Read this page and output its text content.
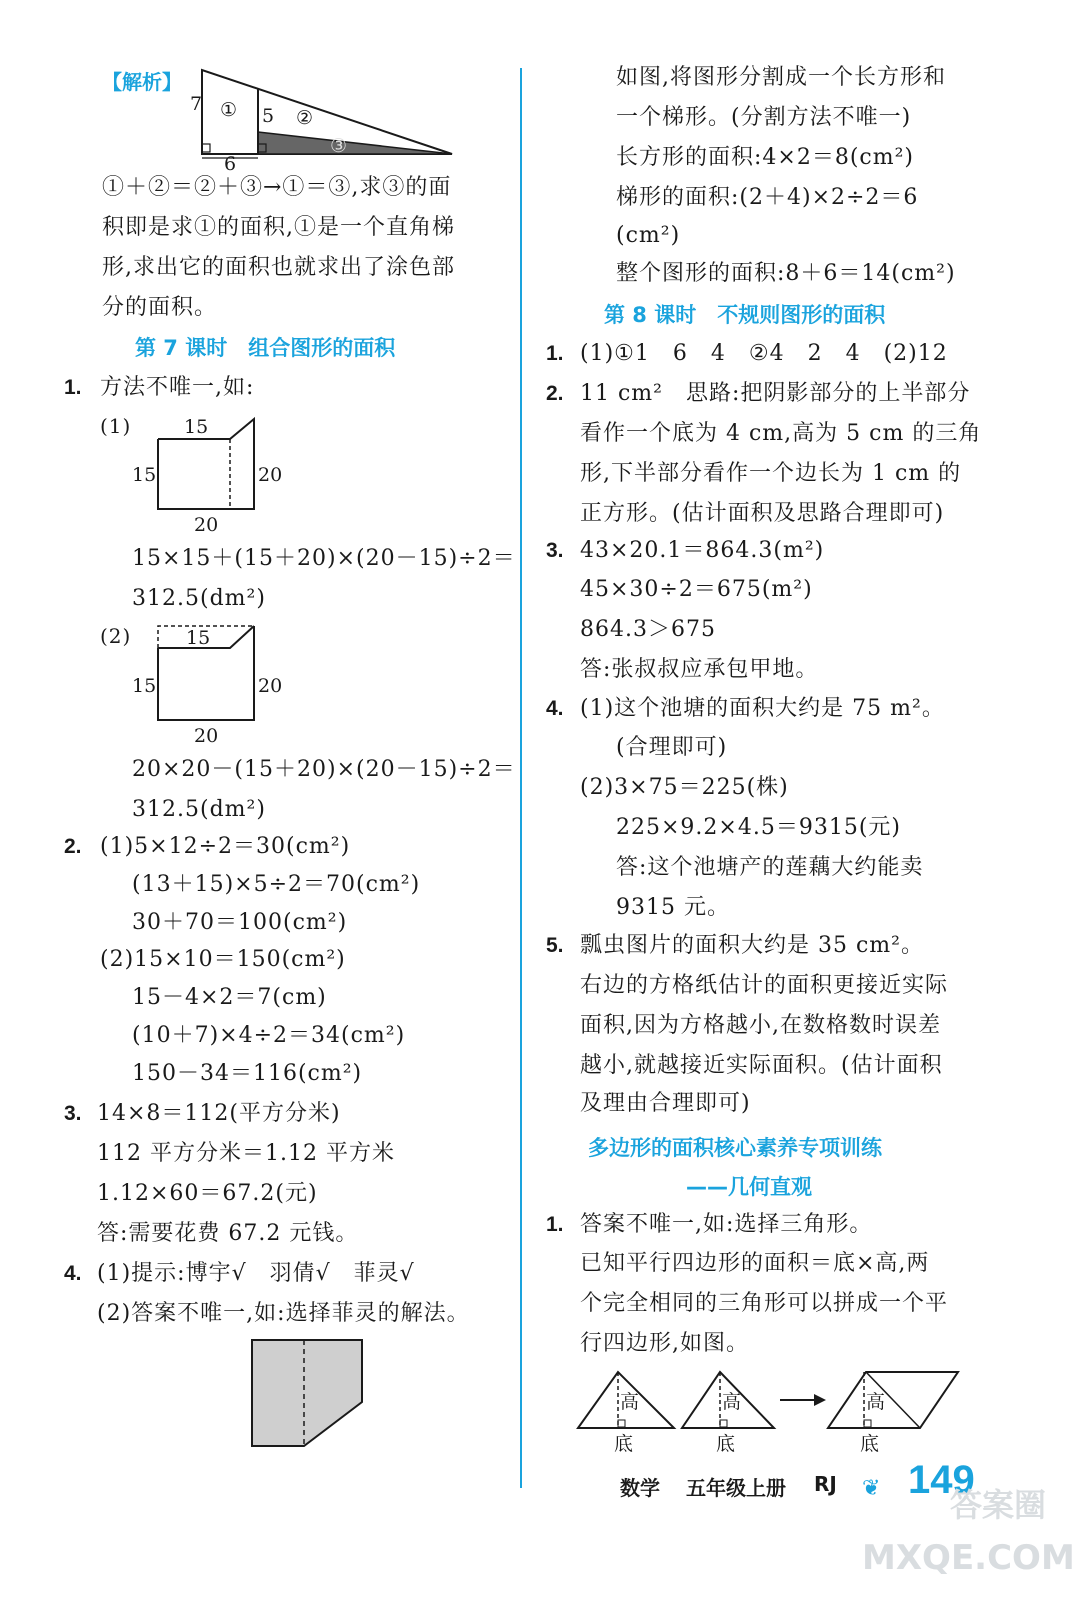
【解析】
7
5
6
①	②
③
①＋②＝②＋③→①＝③,求③的面
积即是求①的面积,①是一个直角梯
形,求出它的面积也就求出了涂色部
分的面积。
第 7 课时　组合图形的面积
1. 方法不唯一,如:
(1)	15
15	20
20
15×15＋(15＋20)×(20－15)÷2＝
312.5(dm²)
(2)	15
15	20
20
20×20－(15＋20)×(20－15)÷2＝
312.5(dm²)
2. (1)5×12÷2＝30(cm²)
(13＋15)×5÷2＝70(cm²)
30＋70＝100(cm²)
(2)15×10＝150(cm²)
15－4×2＝7(cm)
(10＋7)×4÷2＝34(cm²)
150－34＝116(cm²)
3. 14×8＝112(平方分米)
112 平方分米＝1.12 平方米
1.12×60＝67.2(元)
答:需要花费 67.2 元钱。
4. (1)提示:博宇√　羽倩√　菲灵√
(2)答案不唯一,如:选择菲灵的解法。
如图,将图形分割成一个长方形和
一个梯形。(分割方法不唯一)
长方形的面积:4×2＝8(cm²)
梯形的面积:(2＋4)×2÷2＝6
(cm²)
整个图形的面积:8＋6＝14(cm²)
第 8 课时　不规则图形的面积
1. (1)①1　6　4　②4　2　4　(2)12
2. 11 cm²　思路:把阴影部分的上半部分
看作一个底为 4 cm,高为 5 cm 的三角
形,下半部分看作一个边长为 1 cm 的
正方形。(估计面积及思路合理即可)
3. 43×20.1＝864.3(m²)
45×30÷2＝675(m²)
864.3＞675
答:张叔叔应承包甲地。
4. (1)这个池塘的面积大约是 75 m²。
(合理即可)
(2)3×75＝225(株)
225×9.2×4.5＝9315(元)
答:这个池塘产的莲藕大约能卖
9315 元。
5. 瓢虫图片的面积大约是 35 cm²。
右边的方格纸估计的面积更接近实际
面积,因为方格越小,在数格数时误差
越小,就越接近实际面积。(估计面积
及理由合理即可)
多边形的面积核心素养专项训练
——几何直观
1. 答案不唯一,如:选择三角形。
已知平行四边形的面积＝底×高,两
个完全相同的三角形可以拼成一个平
行四边形,如图。
高
底
高
底
高
底
数学 五年级上册 RJ ❦ 149
答案圈
MXQE.COM
